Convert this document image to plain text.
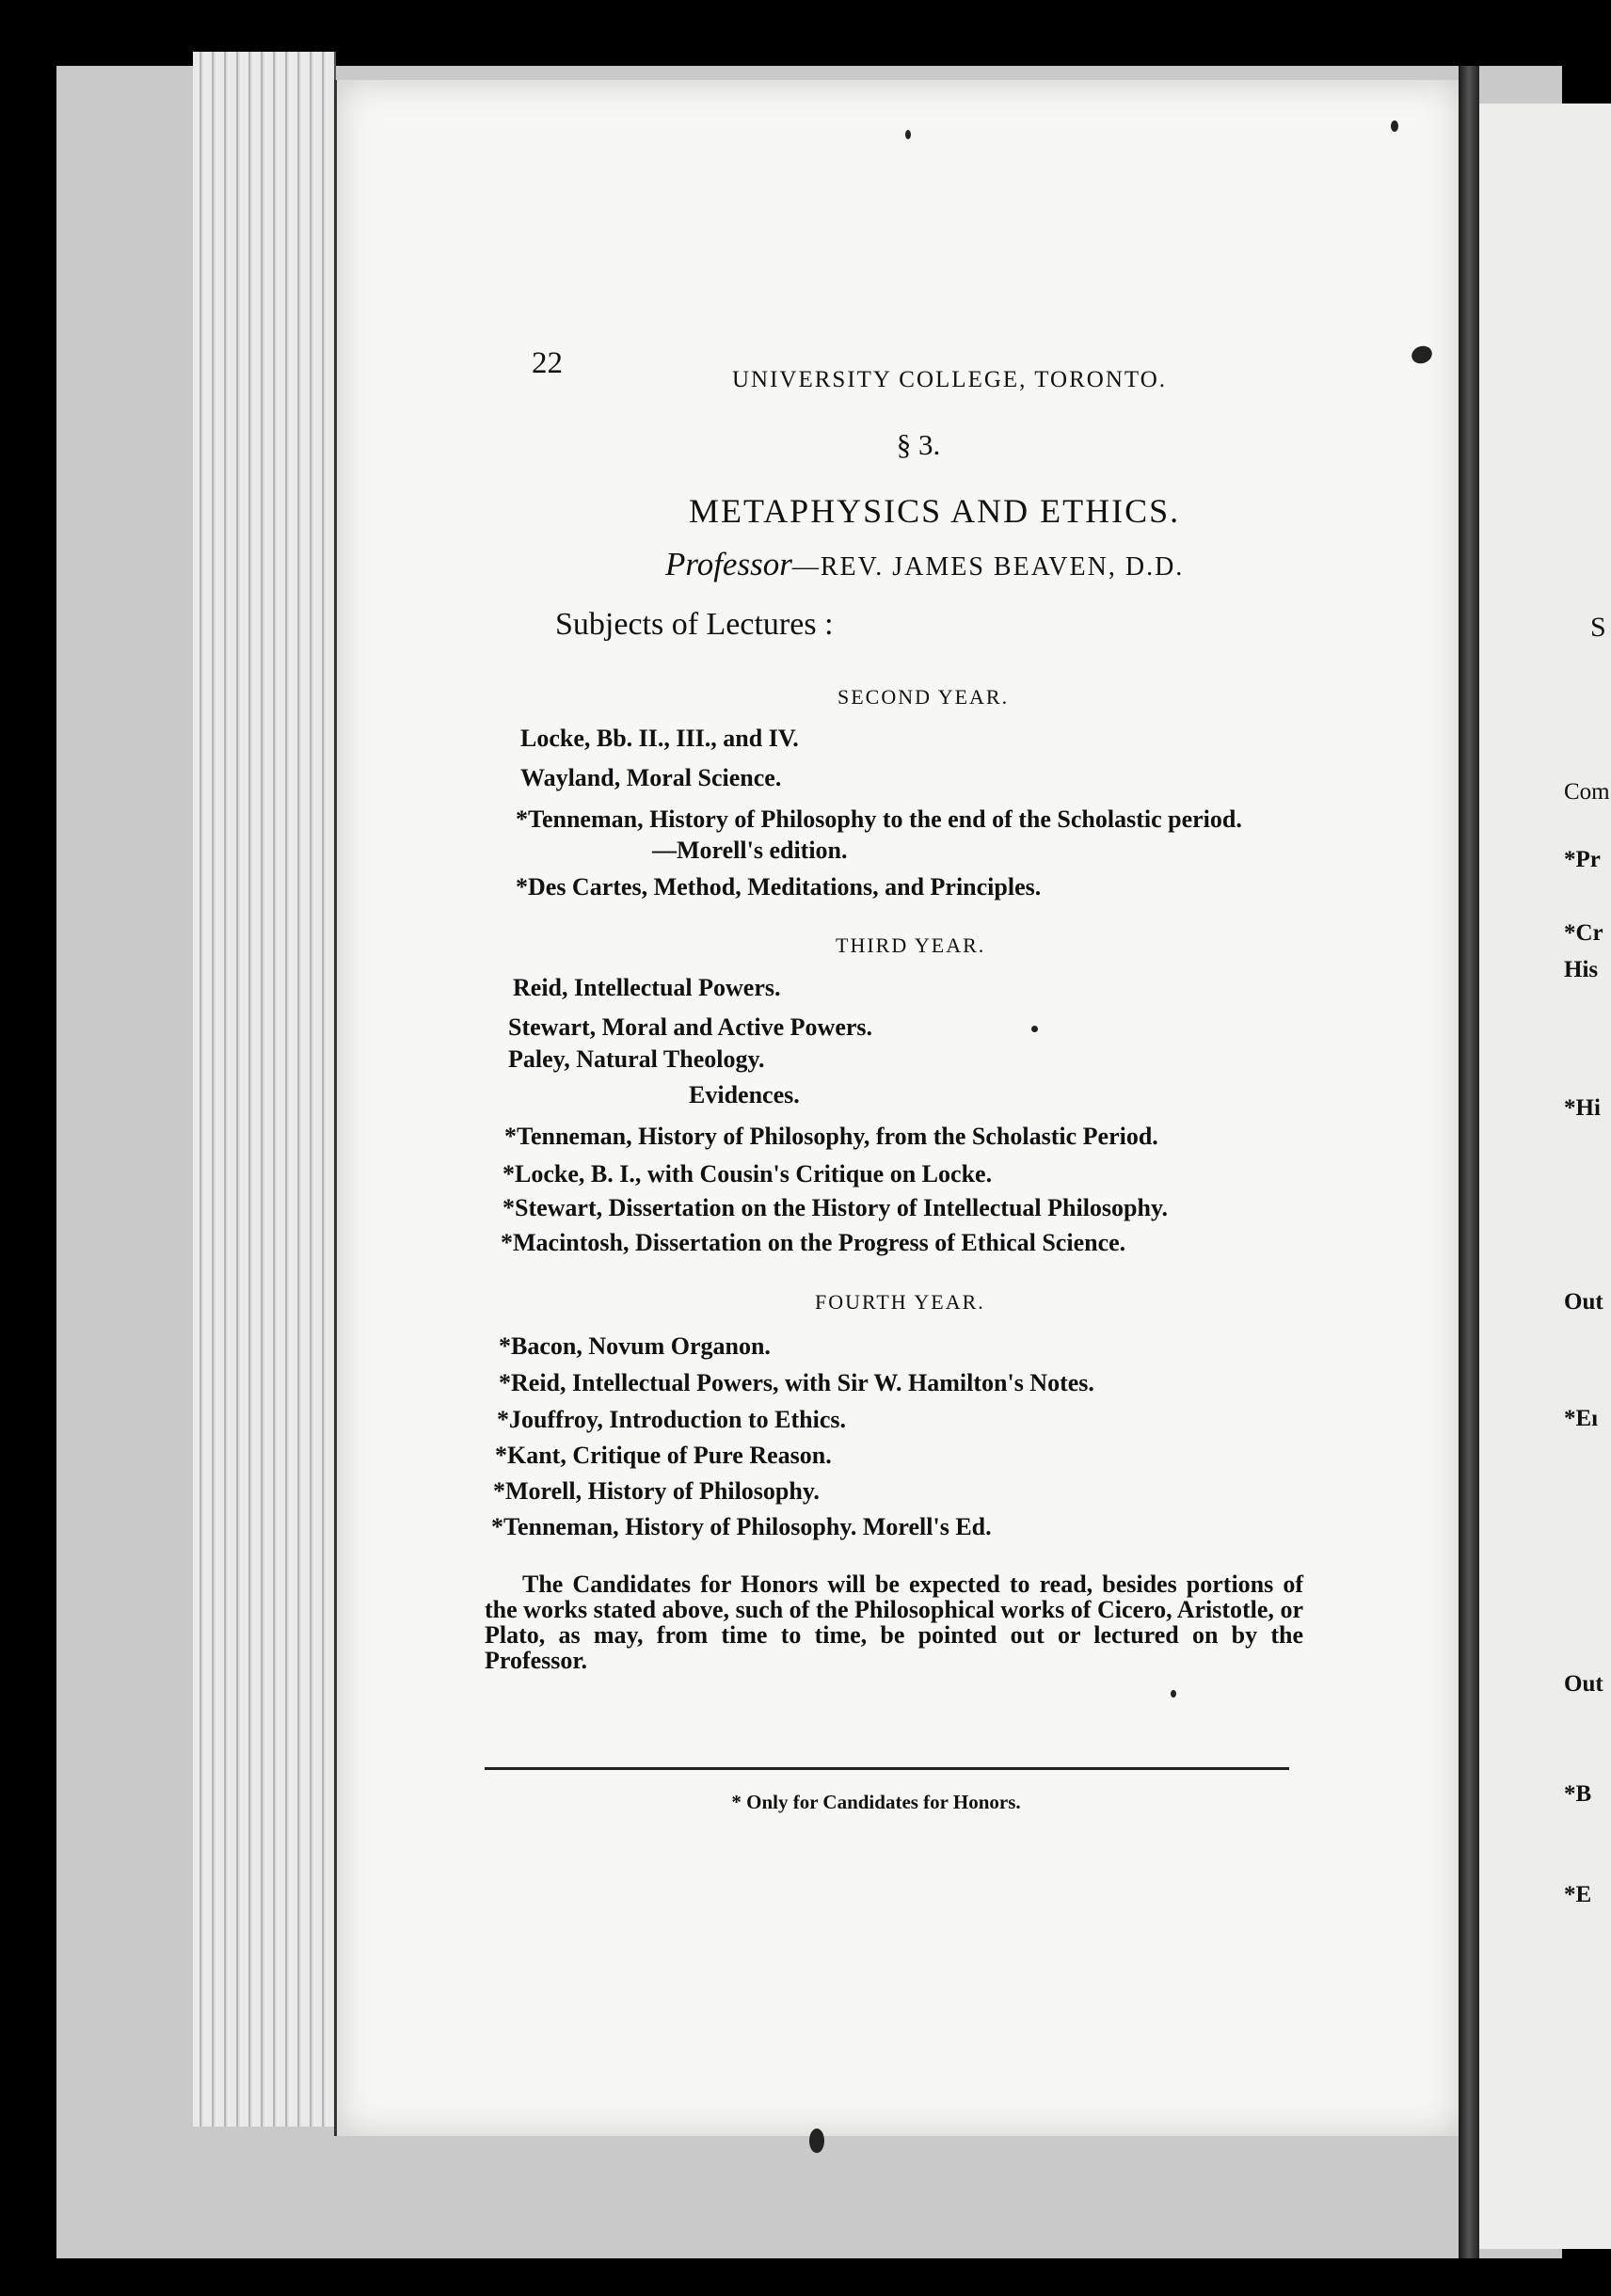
S
Com
*Pr
*Cr
His
*Hi
Out
*Eı
Out
*B
*E
22	UNIVERSITY COLLEGE, TORONTO.
§ 3.
METAPHYSICS AND ETHICS.
Professor—REV. JAMES BEAVEN, D.D.
Subjects of Lectures :
SECOND YEAR.
Locke, Bb. II., III., and IV.
Wayland, Moral Science.
*Tenneman, History of Philosophy to the end of the Scholastic period.
—Morell's edition.
*Des Cartes, Method, Meditations, and Principles.
THIRD YEAR.
Reid, Intellectual Powers.
Stewart, Moral and Active Powers.
Paley, Natural Theology.
Evidences.
*Tenneman, History of Philosophy, from the Scholastic Period.
*Locke, B. I., with Cousin's Critique on Locke.
*Stewart, Dissertation on the History of Intellectual Philosophy.
*Macintosh, Dissertation on the Progress of Ethical Science.
FOURTH YEAR.
*Bacon, Novum Organon.
*Reid, Intellectual Powers, with Sir W. Hamilton's Notes.
*Jouffroy, Introduction to Ethics.
*Kant, Critique of Pure Reason.
*Morell, History of Philosophy.
*Tenneman, History of Philosophy. Morell's Ed.
The Candidates for Honors will be expected to read, besides portions of the works stated above, such of the Philosophical works of Cicero, Aristotle, or Plato, as may, from time to time, be pointed out or lectured on by the Professor.
* Only for Candidates for Honors.
